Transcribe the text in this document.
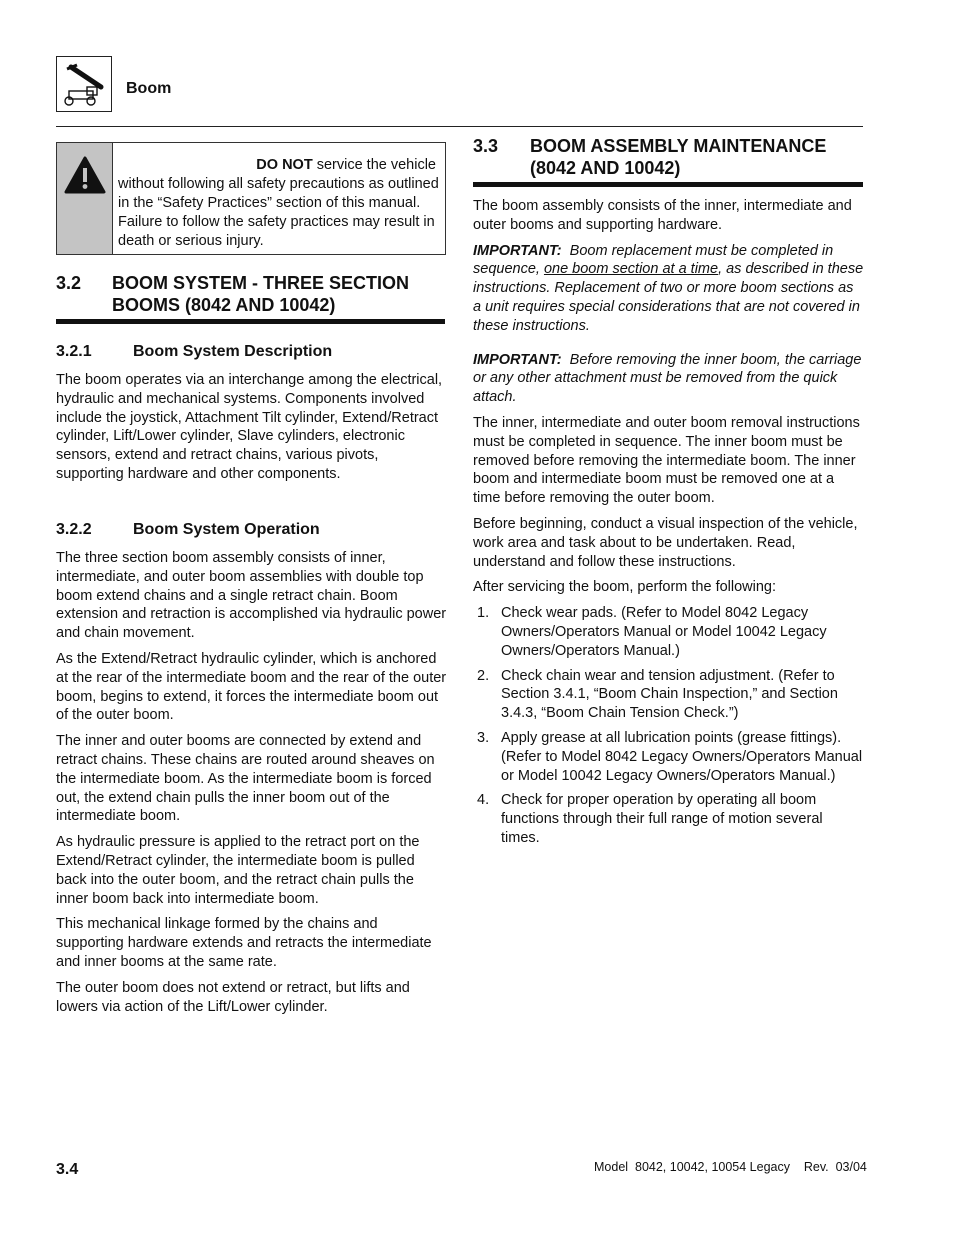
Boom
DO NOT service the vehicle
without following all safety precautions as outlined in the “Safety Practices” section of this manual. Failure to follow the safety practices may result in death or serious injury.
3.2 BOOM SYSTEM - THREE SECTION
BOOMS (8042 AND 10042)
3.2.1	Boom System Description

The boom operates via an interchange among the electrical, hydraulic and mechanical systems. Components involved include the joystick, Attachment Tilt cylinder, Extend/Retract cylinder, Lift/Lower cylinder, Slave cylinders, electronic sensors, extend and retract chains, various pivots, supporting hardware and other components.

3.2.2	Boom System Operation

The three section boom assembly consists of inner, intermediate, and outer boom assemblies with double top boom extend chains and a single retract chain. Boom extension and retraction is accomplished via hydraulic power and chain movement.

As the Extend/Retract hydraulic cylinder, which is anchored at the rear of the intermediate boom and the rear of the outer boom, begins to extend, it forces the intermediate boom out of the outer boom.

The inner and outer booms are connected by extend and retract chains. These chains are routed around sheaves on the intermediate boom. As the intermediate boom is forced out, the extend chain pulls the inner boom out of the intermediate boom.

As hydraulic pressure is applied to the retract port on the Extend/Retract cylinder, the intermediate boom is pulled back into the outer boom, and the retract chain pulls the inner boom back into intermediate boom.

This mechanical linkage formed by the chains and supporting hardware extends and retracts the intermediate and inner booms at the same rate.

The outer boom does not extend or retract, but lifts and lowers via action of the Lift/Lower cylinder.

3.3 BOOM ASSEMBLY MAINTENANCE
(8042 AND 10042)

The boom assembly consists of the inner, intermediate and outer booms and supporting hardware.

IMPORTANT:  Boom replacement must be completed in sequence, one boom section at a time, as described in these instructions. Replacement of two or more boom sections as a unit requires special considerations that are not covered in these instructions.

IMPORTANT:  Before removing the inner boom, the carriage or any other attachment must be removed from the quick attach.

The inner, intermediate and outer boom removal instructions must be completed in sequence. The inner boom must be removed before removing the intermediate boom. The inner boom and intermediate boom must be removed one at a time before removing the outer boom.

Before beginning, conduct a visual inspection of the vehicle, work area and task about to be undertaken. Read, understand and follow these instructions.

After servicing the boom, perform the following:

1. Check wear pads. (Refer to Model 8042 Legacy Owners/Operators Manual or Model 10042 Legacy Owners/Operators Manual.)
2. Check chain wear and tension adjustment. (Refer to Section 3.4.1, “Boom Chain Inspection,” and Section 3.4.3, “Boom Chain Tension Check.”)
3. Apply grease at all lubrication points (grease fittings). (Refer to Model 8042 Legacy Owners/Operators Manual or Model 10042 Legacy Owners/Operators Manual.)
4. Check for proper operation by operating all boom functions through their full range of motion several times.
3.4	Model  8042, 10042, 10054 Legacy    Rev.  03/04
